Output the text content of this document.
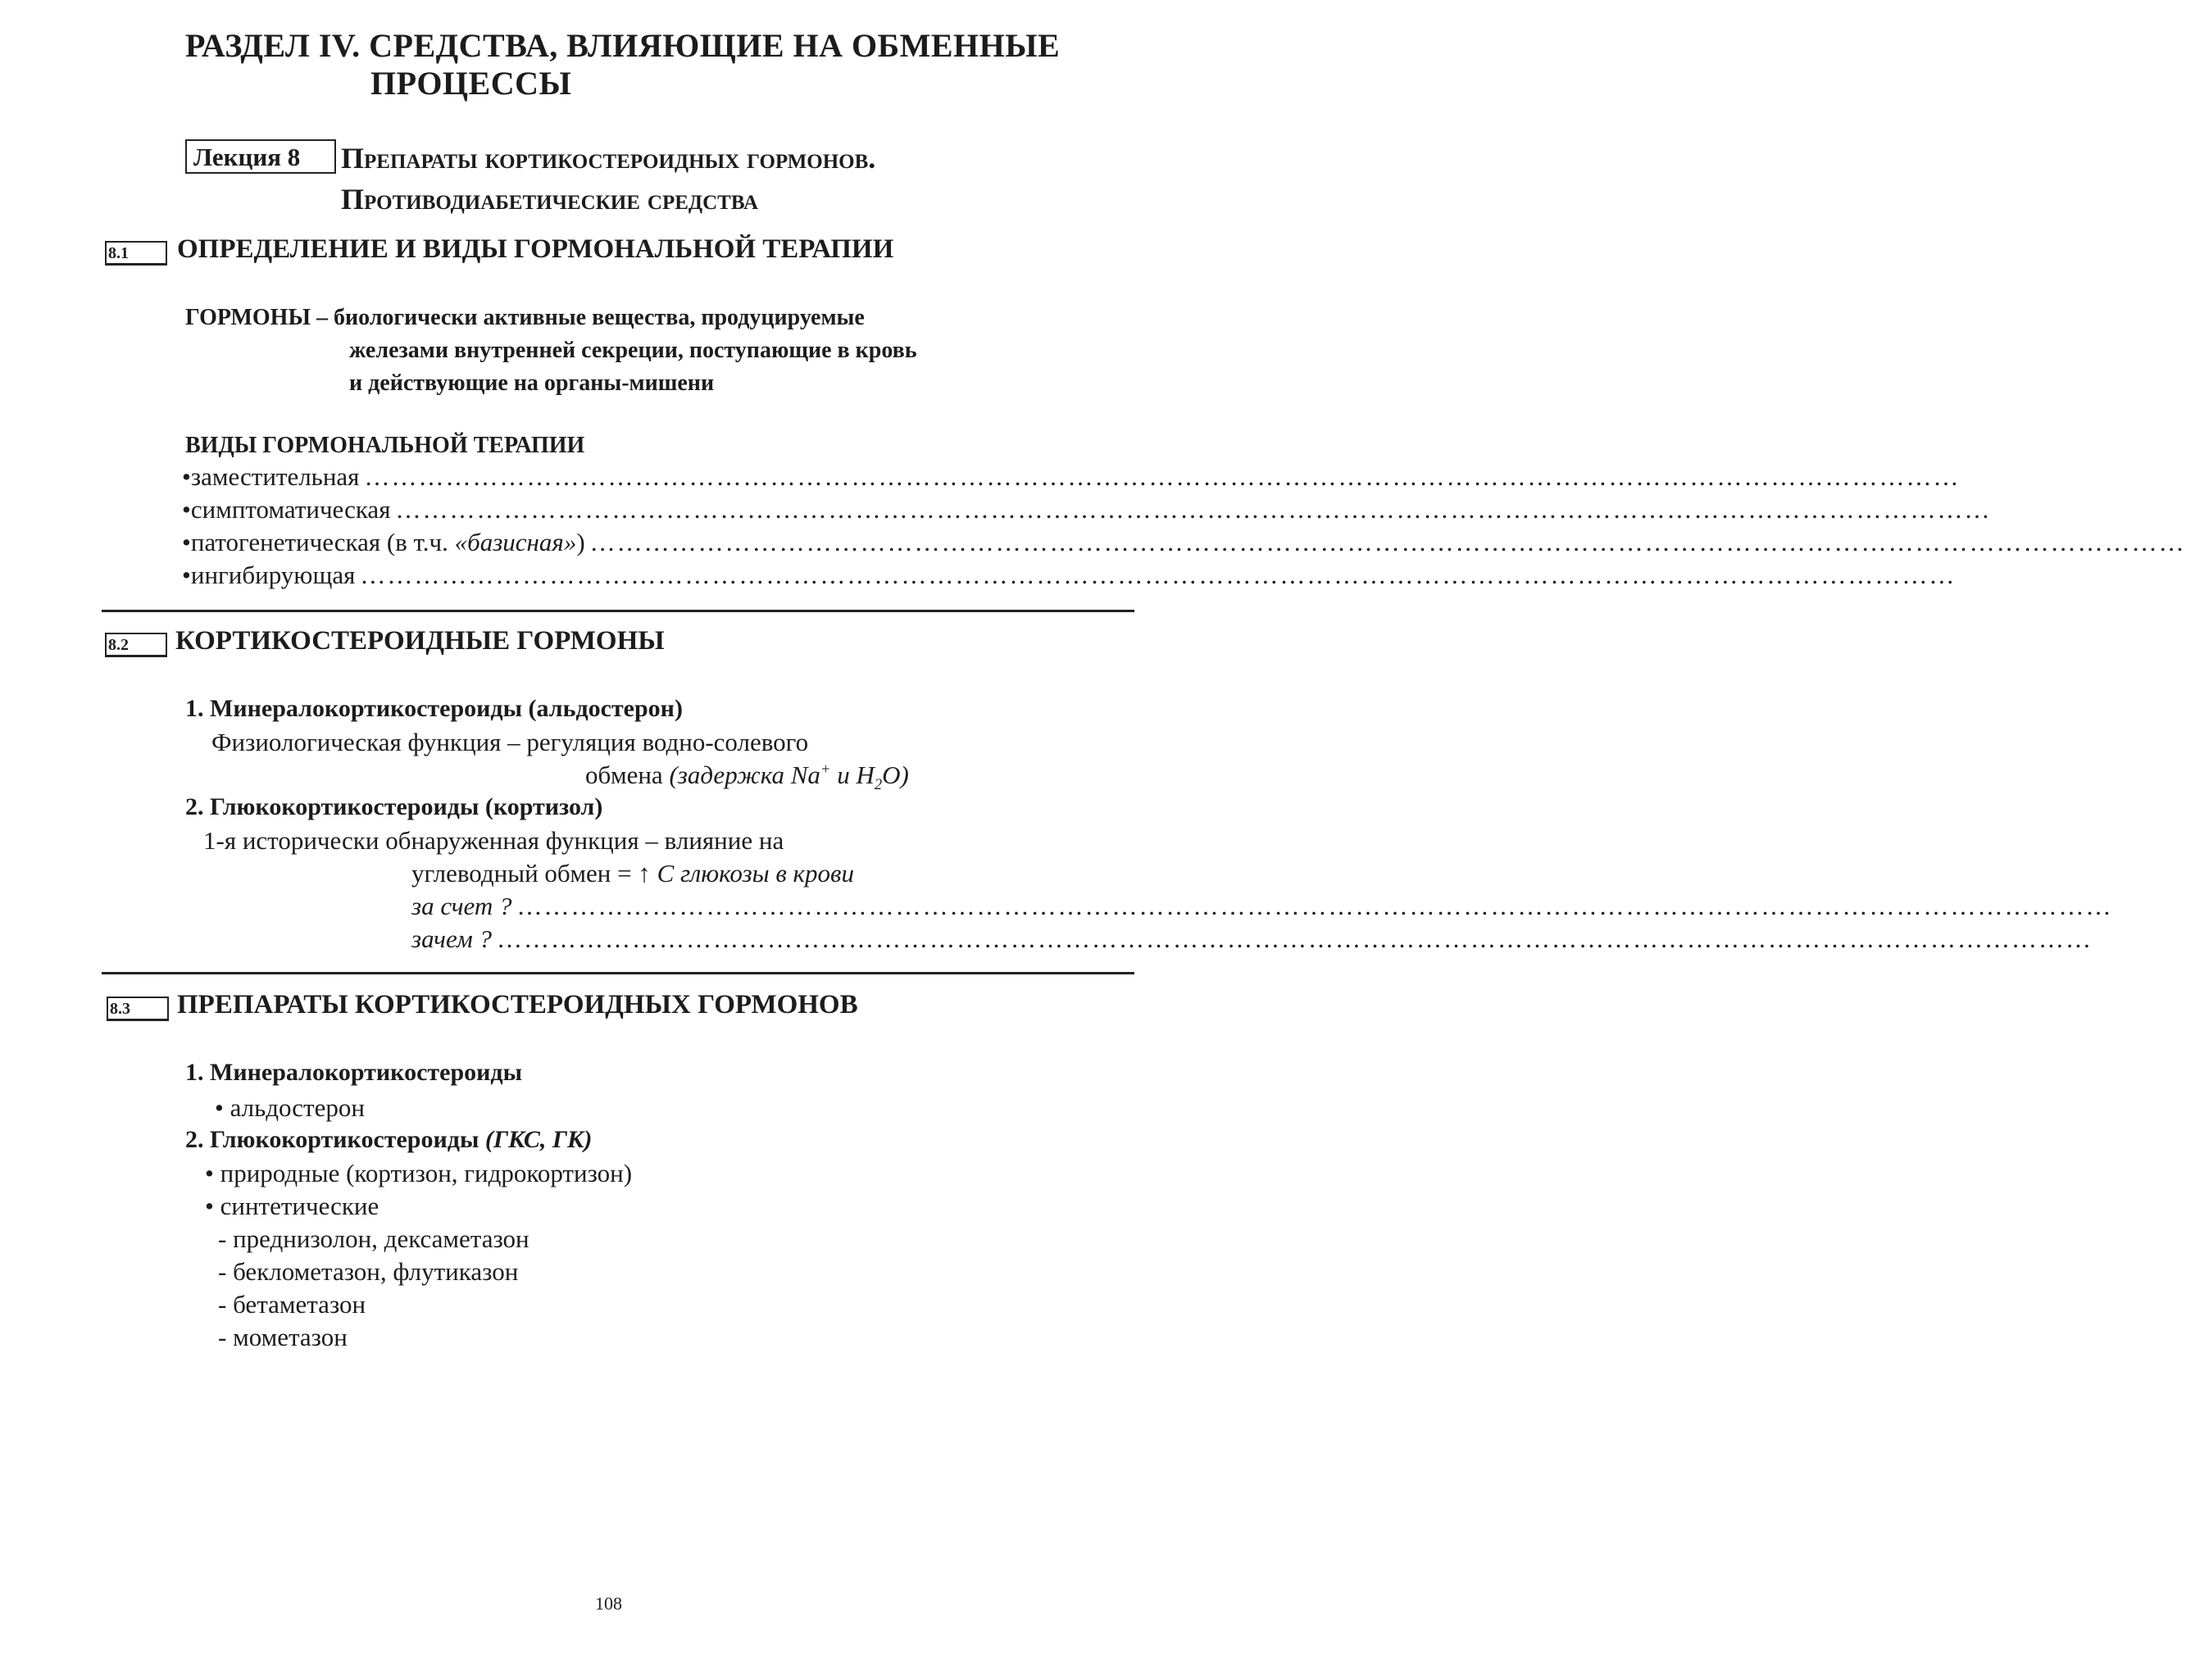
РАЗДЕЛ IV. СРЕДСТВА, ВЛИЯЮЩИЕ НА ОБМЕННЫЕ
ПРОЦЕССЫ
Лекция 8	Препараты кортикостероидных гормонов.
Противодиабетические средства
8.1	ОПРЕДЕЛЕНИЕ И ВИДЫ ГОРМОНАЛЬНОЙ ТЕРАПИИ
ГОРМОНЫ – биологически активные вещества, продуцируемые
железами внутренней секреции, поступающие в кровь
и действующие на органы-мишени
ВИДЫ ГОРМОНАЛЬНОЙ ТЕРАПИИ
• заместительная ……………………………………………………………………………………………………………………………………………………………
• симптоматическая ……………………………………………………………………………………………………………………………………………………………
• патогенетическая (в т.ч. «базисная») ……………………………………………………………………………………………………………………………………………………………
• ингибирующая ……………………………………………………………………………………………………………………………………………………………
8.2	КОРТИКОСТЕРОИДНЫЕ ГОРМОНЫ
1. Минералокортикостероиды (альдостерон)
Физиологическая функция – регуляция водно-солевого
обмена (задержка Na+ и $H_2O$)
2. Глюкокортикостероиды (кортизол)
1-я исторически обнаруженная функция – влияние на
углеводный обмен = ↑ С глюкозы в крови
за счет ? ……………………………………………………………………………………………………………………………………………………………
зачем ? ……………………………………………………………………………………………………………………………………………………………
8.3	ПРЕПАРАТЫ КОРТИКОСТЕРОИДНЫХ ГОРМОНОВ
1. Минералокортикостероиды
• альдостерон
2. Глюкокортикостероиды (ГКС, ГК)
• природные (кортизон, гидрокортизон)
• синтетические
- преднизолон, дексаметазон
- беклометазон, флутиказон
- бетаметазон
- мометазон
108
